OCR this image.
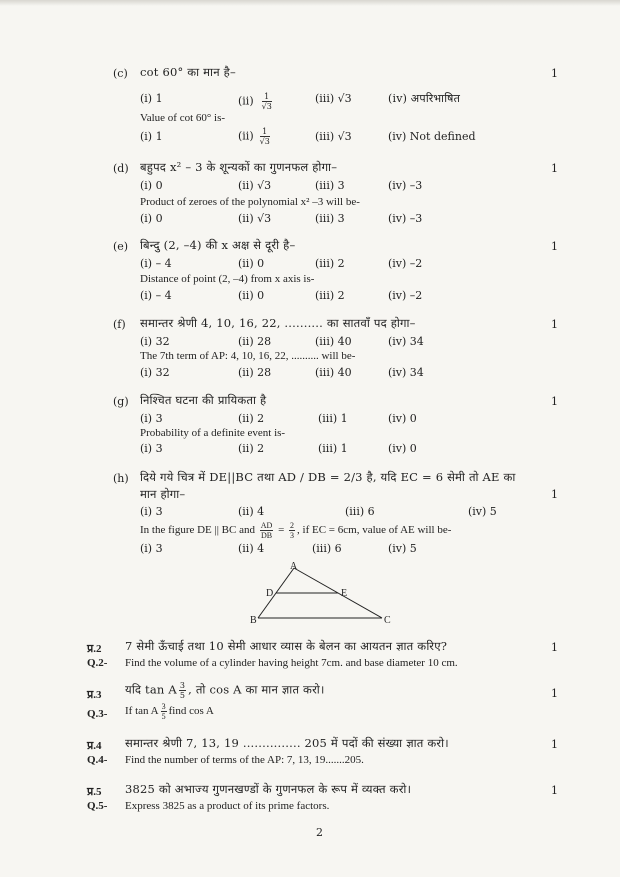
(c) cot 60° का मान है–	1
(i) 1	$(ii) \frac{1}{√3}$	(iii) √3	(iv) अपरिभाषित
Value of cot 60° is-
(i) 1	$(ii) \frac{1}{√3}$	(iii) √3	(iv) Not defined
(d) बहुपद x² – 3 के शून्यकों का गुणनफल होगा–	1
(i) 0	(ii) √3	(iii) 3	(iv) –3
Product of zeroes of the polynomial x² –3 will be-
(i) 0	(ii) √3	(iii) 3	(iv) –3
(e) बिन्दु (2, –4) की x अक्ष से दूरी है–	1
(i) – 4	(ii) 0	(iii) 2	(iv) –2
Distance of point (2, –4) from x axis is-
(i) – 4	(ii) 0	(iii) 2	(iv) –2
(f) समान्तर श्रेणी 4, 10, 16, 22, .......... का सातवाँ पद होगा–	1
(i) 32	(ii) 28	(iii) 40	(iv) 34
The 7th term of AP: 4, 10, 16, 22, .......... will be-
(i) 32	(ii) 28	(iii) 40	(iv) 34
(g) निश्चित घटना की प्रायिकता है	1
(i) 3	(ii) 2	(iii) 1	(iv) 0
Probability of a definite event is-
(i) 3	(ii) 2	(iii) 1	(iv) 0
(h) दिये गये चित्र में DE||BC तथा AD / DB = 2/3 है, यदि EC = 6 सेमी तो AE का
मान होगा–	1
(i) 3	(ii) 4	(iii) 6	(iv) 5
In the figure DE || BC and $\frac{AD}{DB} = \frac{2}{3}$ , if EC = 6cm, value of AE will be-
(i) 3	(ii) 4	(iii) 6	(iv) 5
A
B	C
D	E
प्र.2 7 सेमी ऊँचाई तथा 10 सेमी आधार व्यास के बेलन का आयतन ज्ञात करिए?	1
Q.2- Find the volume of a cylinder having height 7cm. and base diameter 10 cm.
प्र.3 यदि tan A $\frac{3}{5}$ , तो cos A का मान ज्ञात करो।	1
Q.3- If tan A $\frac{3}{5}$ find cos A
प्र.4 समान्तर श्रेणी 7, 13, 19 ............... 205 में पदों की संख्या ज्ञात करो।	1
Q.4- Find the number of terms of the AP: 7, 13, 19.......205.
प्र.5 3825 को अभाज्य गुणनखण्डों के गुणनफल के रूप में व्यक्त करो।	1
Q.5- Express 3825 as a product of its prime factors.
2
